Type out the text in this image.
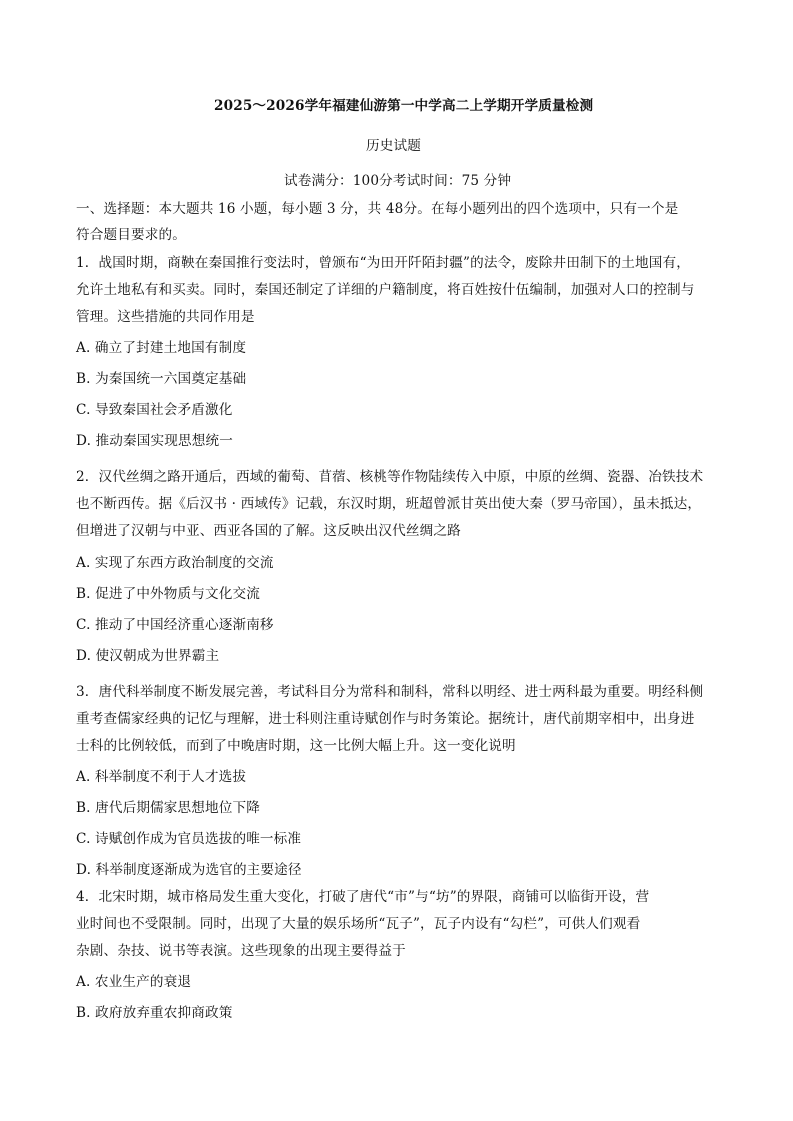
2025～2026学年福建仙游第一中学高二上学期开学质量检测
历史试题
试卷满分：100分考试时间：75 分钟
一、选择题：本大题共 16 小题，每小题 3 分，共 48分。在每小题列出的四个选项中，只有一个是
符合题目要求的。
1．战国时期，商鞅在秦国推行变法时，曾颁布“为田开阡陌封疆”的法令，废除井田制下的土地国有，
允许土地私有和买卖。同时，秦国还制定了详细的户籍制度，将百姓按什伍编制，加强对人口的控制与
管理。这些措施的共同作用是
A. 确立了封建土地国有制度
B. 为秦国统一六国奠定基础
C. 导致秦国社会矛盾激化
D. 推动秦国实现思想统一
2．汉代丝绸之路开通后，西域的葡萄、苜蓿、核桃等作物陆续传入中原，中原的丝绸、瓷器、冶铁技术
也不断西传。据《后汉书 · 西域传》记载，东汉时期，班超曾派甘英出使大秦（罗马帝国），虽未抵达，
但增进了汉朝与中亚、西亚各国的了解。这反映出汉代丝绸之路
A. 实现了东西方政治制度的交流
B. 促进了中外物质与文化交流
C. 推动了中国经济重心逐渐南移
D. 使汉朝成为世界霸主
3．唐代科举制度不断发展完善，考试科目分为常科和制科，常科以明经、进士两科最为重要。明经科侧
重考查儒家经典的记忆与理解，进士科则注重诗赋创作与时务策论。据统计，唐代前期宰相中，出身进
士科的比例较低，而到了中晚唐时期，这一比例大幅上升。这一变化说明
A. 科举制度不利于人才选拔
B. 唐代后期儒家思想地位下降
C. 诗赋创作成为官员选拔的唯一标准
D. 科举制度逐渐成为选官的主要途径
4．北宋时期，城市格局发生重大变化，打破了唐代“市”与“坊”的界限，商铺可以临街开设，营
业时间也不受限制。同时，出现了大量的娱乐场所“瓦子”，瓦子内设有“勾栏”，可供人们观看
杂剧、杂技、说书等表演。这些现象的出现主要得益于
A. 农业生产的衰退
B. 政府放弃重农抑商政策
